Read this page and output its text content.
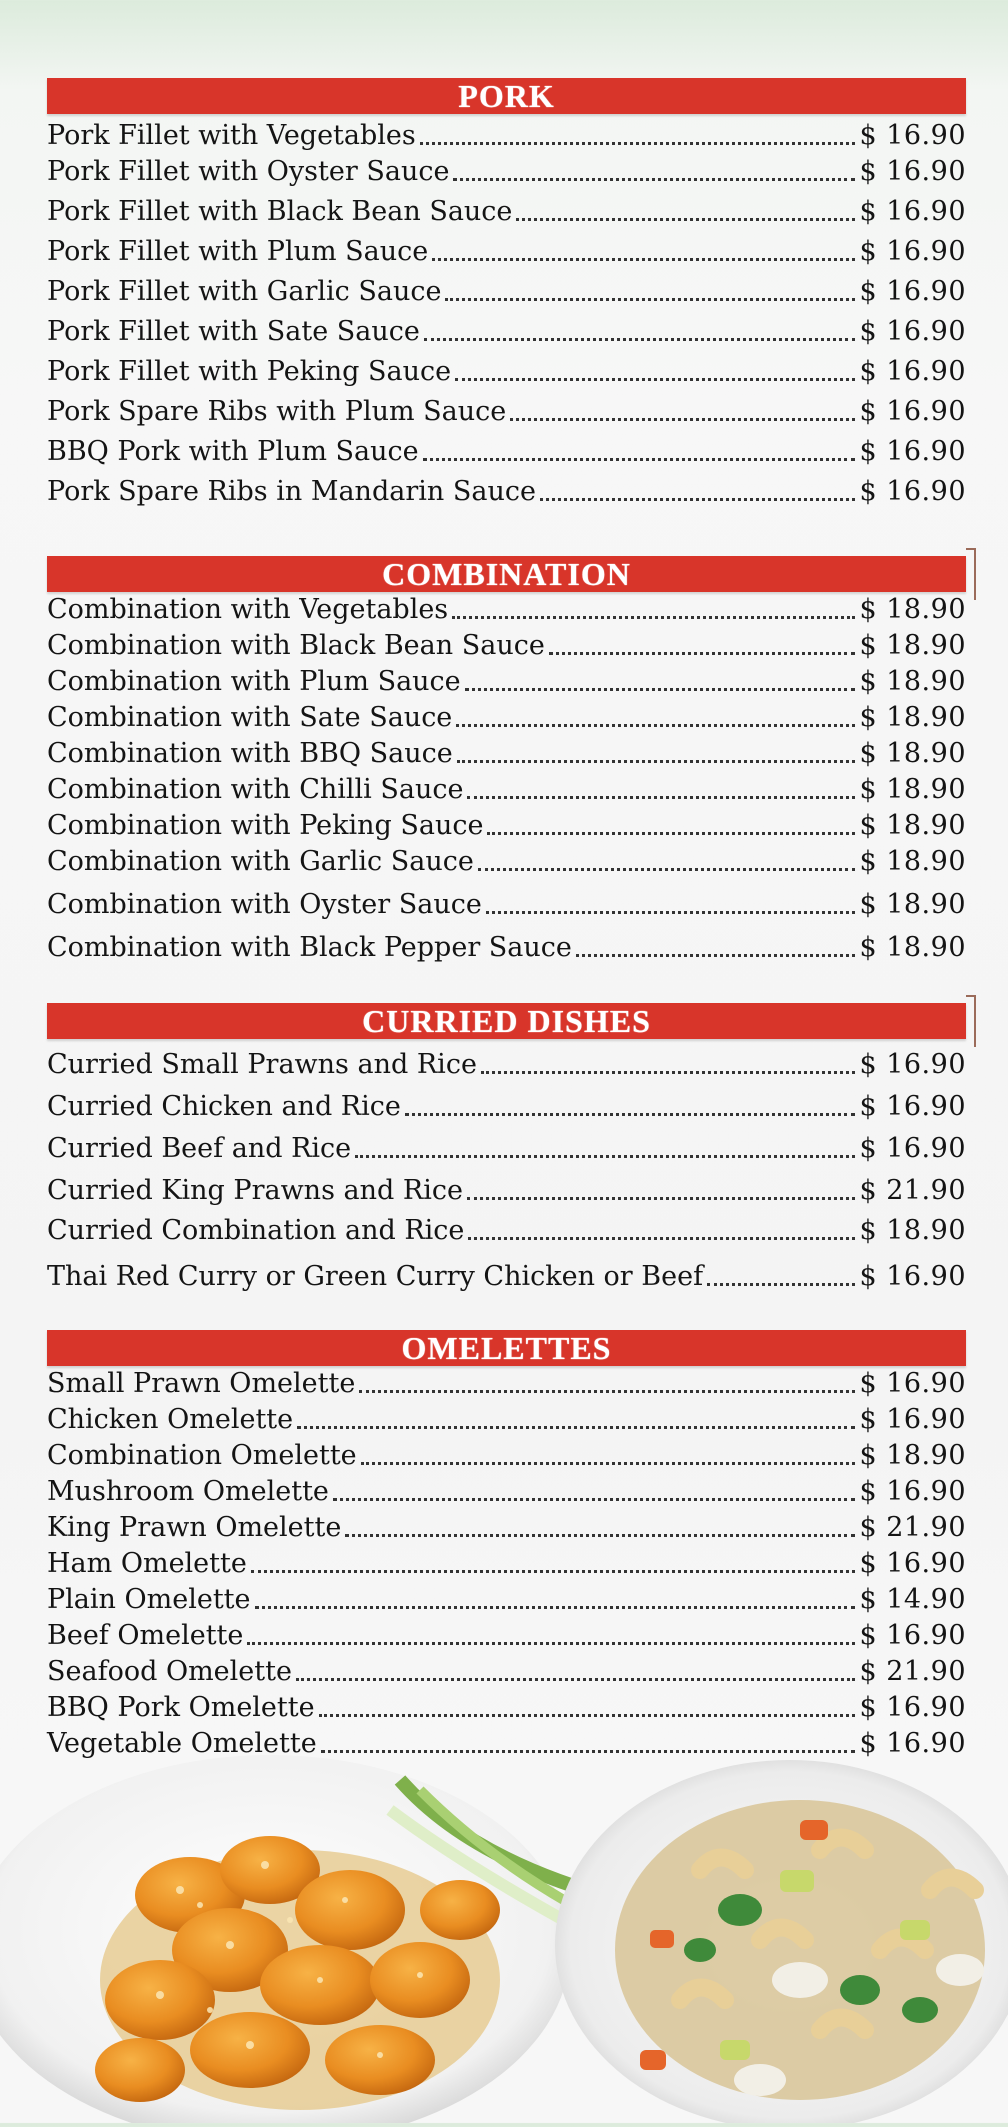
PORK
Pork Fillet with Vegetables	$ 16.90
Pork Fillet with Oyster Sauce	$ 16.90
Pork Fillet with Black Bean Sauce	$ 16.90
Pork Fillet with Plum Sauce	$ 16.90
Pork Fillet with Garlic Sauce	$ 16.90
Pork Fillet with Sate Sauce	$ 16.90
Pork Fillet with Peking Sauce	$ 16.90
Pork Spare Ribs with Plum Sauce	$ 16.90
BBQ Pork with Plum Sauce	$ 16.90
Pork Spare Ribs in Mandarin Sauce	$ 16.90
COMBINATION
Combination with Vegetables	$ 18.90
Combination with Black Bean Sauce	$ 18.90
Combination with Plum Sauce	$ 18.90
Combination with Sate Sauce	$ 18.90
Combination with BBQ Sauce	$ 18.90
Combination with Chilli Sauce	$ 18.90
Combination with Peking Sauce	$ 18.90
Combination with Garlic Sauce	$ 18.90
Combination with Oyster Sauce	$ 18.90
Combination with Black Pepper Sauce	$ 18.90
CURRIED DISHES
Curried Small Prawns and Rice	$ 16.90
Curried Chicken and Rice	$ 16.90
Curried Beef and Rice	$ 16.90
Curried King Prawns and Rice	$ 21.90
Curried Combination and Rice	$ 18.90
Thai Red Curry or Green Curry Chicken or Beef	$ 16.90
OMELETTES
Small Prawn Omelette	$ 16.90
Chicken Omelette	$ 16.90
Combination Omelette	$ 18.90
Mushroom Omelette	$ 16.90
King Prawn Omelette	$ 21.90
Ham Omelette	$ 16.90
Plain Omelette	$ 14.90
Beef Omelette	$ 16.90
Seafood Omelette	$ 21.90
BBQ Pork Omelette	$ 16.90
Vegetable Omelette	$ 16.90
